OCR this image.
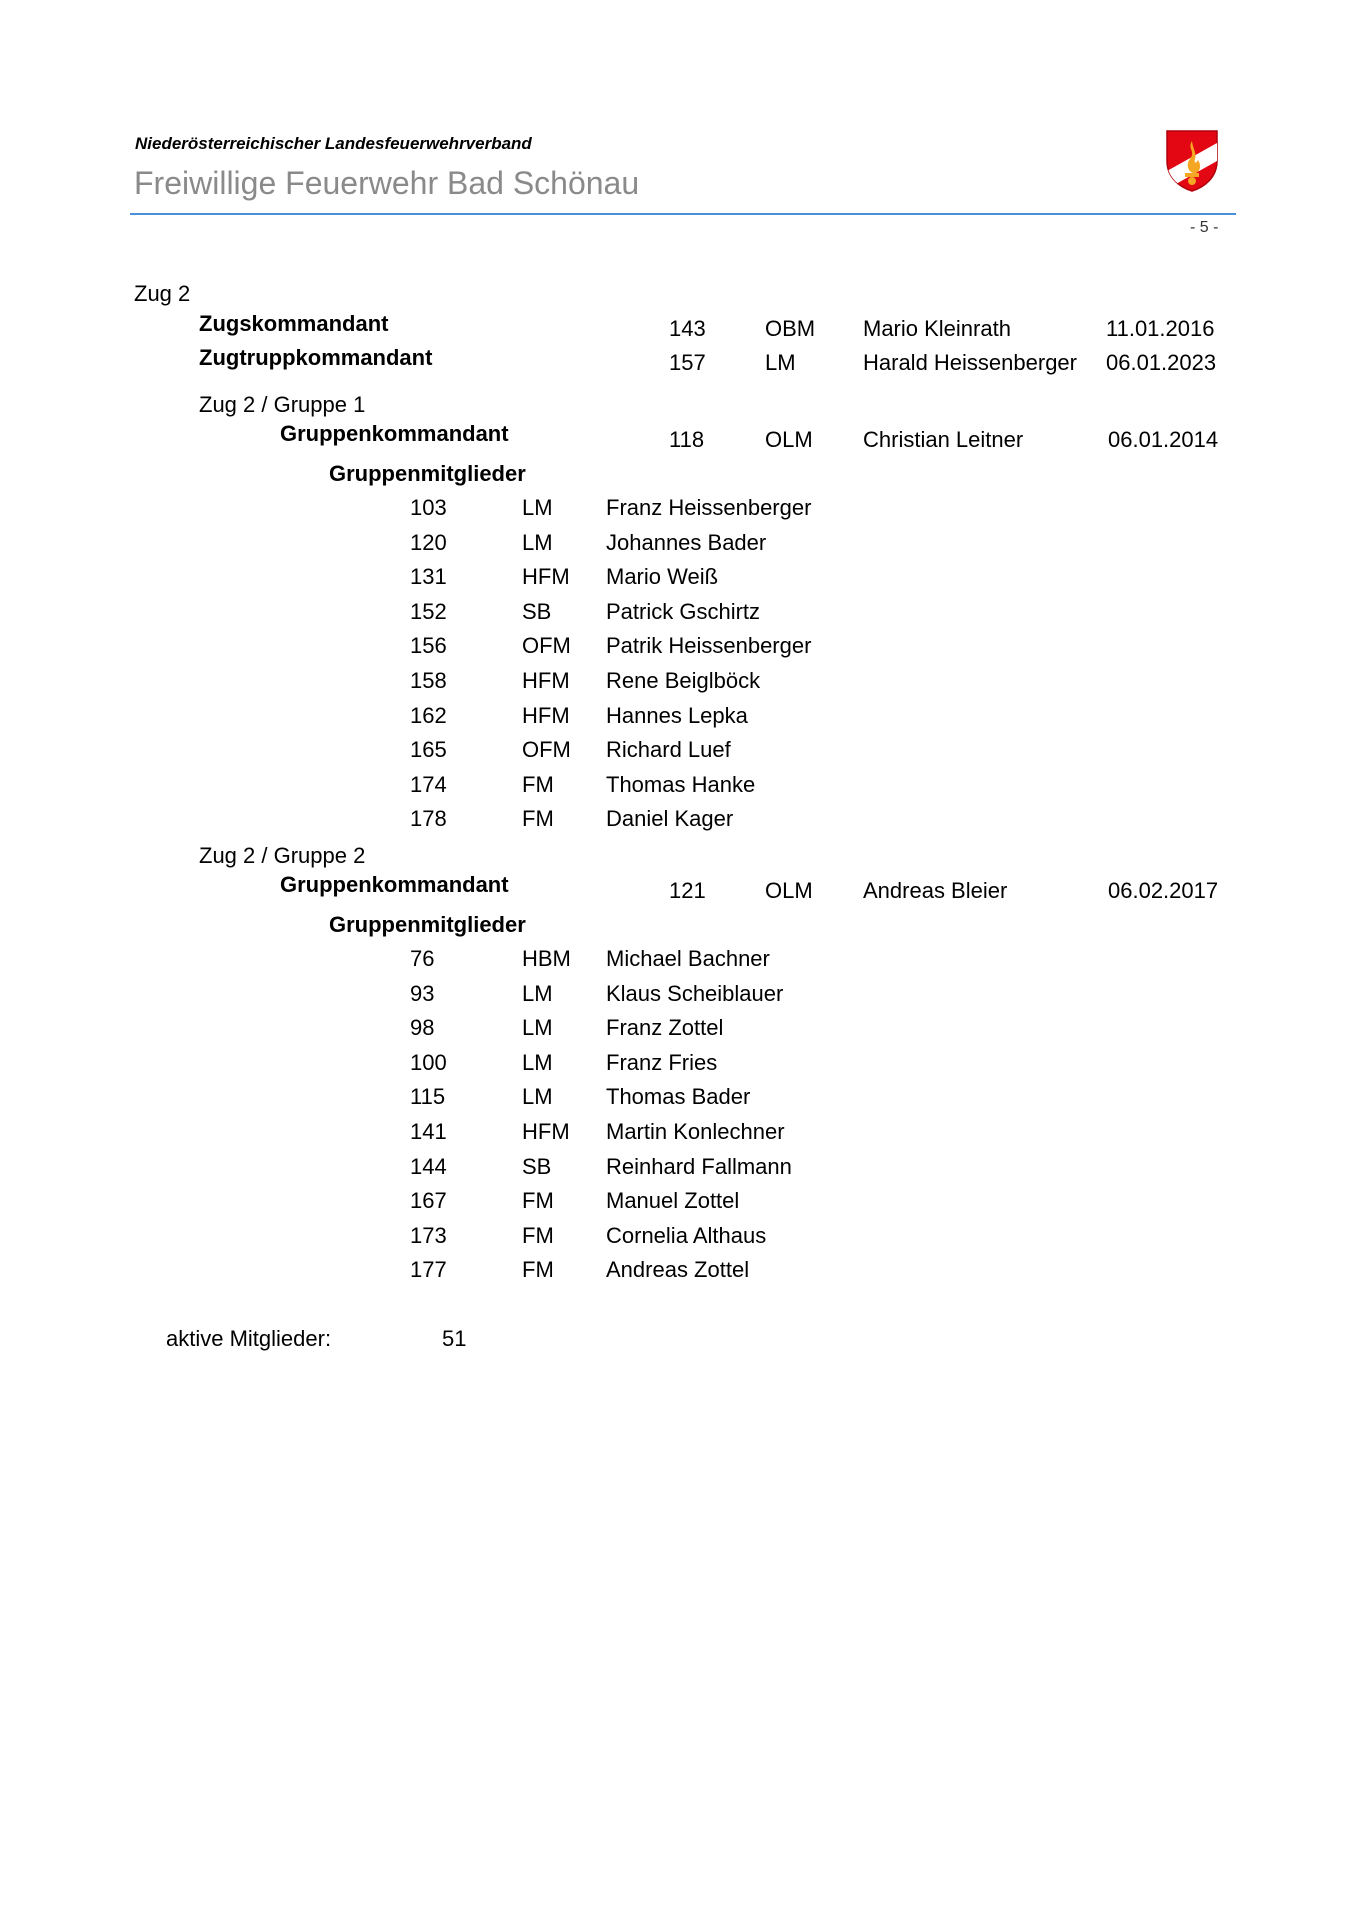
Niederösterreichischer Landesfeuerwehrverband
Freiwillige Feuerwehr Bad Schönau
- 5 -
Zug 2
Zugskommandant	143	OBM Mario Kleinrath	11.01.2016
Zugtruppkommandant	157	LM	Harald Heissenberger 06.01.2023
Zug 2 / Gruppe 1
Gruppenkommandant	118	OLM Christian Leitner	06.01.2014
Gruppenmitglieder
103	LM Franz Heissenberger
120	LM Johannes Bader
131	HFM Mario Weiß
152	SB Patrick Gschirtz
156	OFM Patrik Heissenberger
158	HFM Rene Beiglböck
162	HFM Hannes Lepka
165	OFM Richard Luef
174	FM Thomas Hanke
178	FM Daniel Kager
Zug 2 / Gruppe 2
Gruppenkommandant	121	OLM Andreas Bleier	06.02.2017
Gruppenmitglieder
76	HBM Michael Bachner
93	LM Klaus Scheiblauer
98	LM Franz Zottel
100	LM Franz Fries
115	LM Thomas Bader
141	HFM Martin Konlechner
144	SB Reinhard Fallmann
167	FM Manuel Zottel
173	FM Cornelia Althaus
177	FM Andreas Zottel
aktive Mitglieder:	51
